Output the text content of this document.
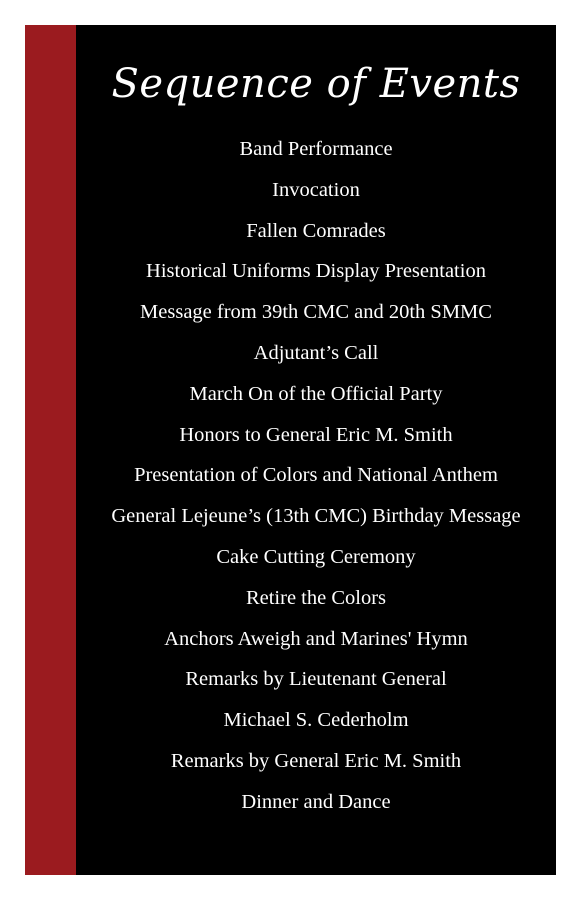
Sequence of Events
Band Performance
Invocation
Fallen Comrades
Historical Uniforms Display Presentation
Message from 39th CMC and 20th SMMC
Adjutant’s Call
March On of the Official Party
Honors to General Eric M. Smith
Presentation of Colors and National Anthem
General Lejeune’s (13th CMC) Birthday Message
Cake Cutting Ceremony
Retire the Colors
Anchors Aweigh and Marines' Hymn
Remarks by Lieutenant General
Michael S. Cederholm
Remarks by General Eric M. Smith
Dinner and Dance
